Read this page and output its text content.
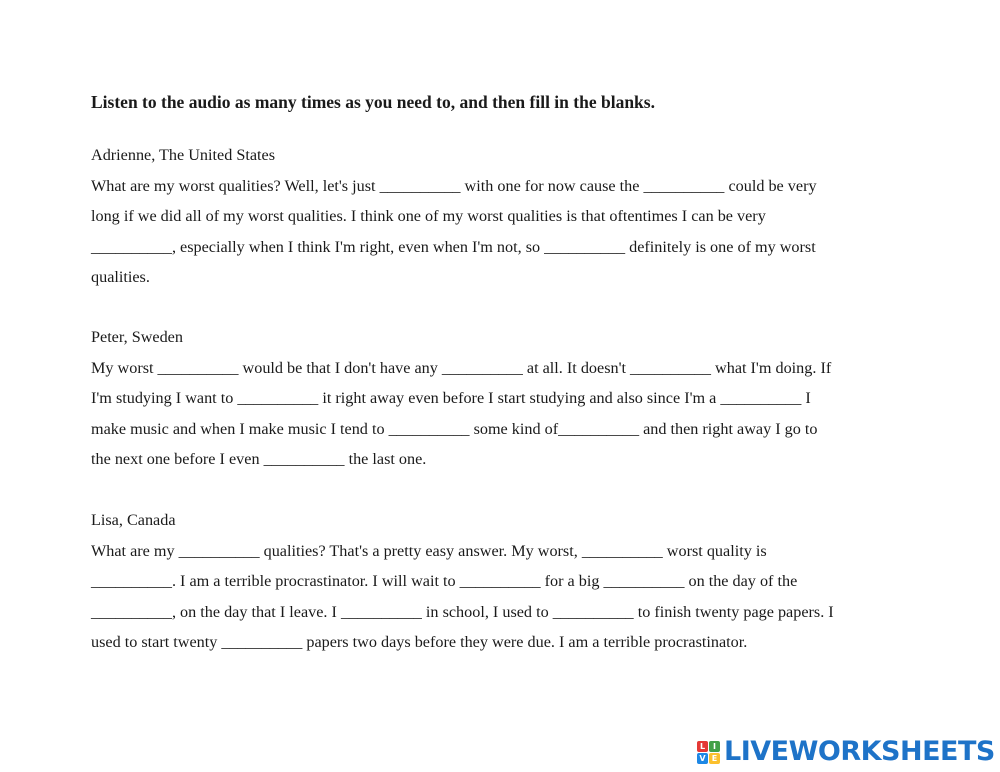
Listen to the audio as many times as you need to, and then fill in the blanks.

Adrienne, The United States
What are my worst qualities? Well, let's just __________ with one for now cause the __________ could be very
long if we did all of my worst qualities. I think one of my worst qualities is that oftentimes I can be very
__________, especially when I think I'm right, even when I'm not, so __________ definitely is one of my worst
qualities.
Peter, Sweden
My worst __________ would be that I don't have any __________ at all. It doesn't __________ what I'm doing. If
I'm studying I want to __________ it right away even before I start studying and also since I'm a __________ I
make music and when I make music I tend to __________ some kind of__________ and then right away I go to
the next one before I even __________ the last one.
Lisa, Canada
What are my __________ qualities? That's a pretty easy answer. My worst, __________ worst quality is
__________. I am a terrible procrastinator. I will wait to __________ for a big __________ on the day of the
__________, on the day that I leave. I __________ in school, I used to __________ to finish twenty page papers. I
used to start twenty __________ papers two days before they were due. I am a terrible procrastinator.
L I
V E LIVEWORKSHEETS
